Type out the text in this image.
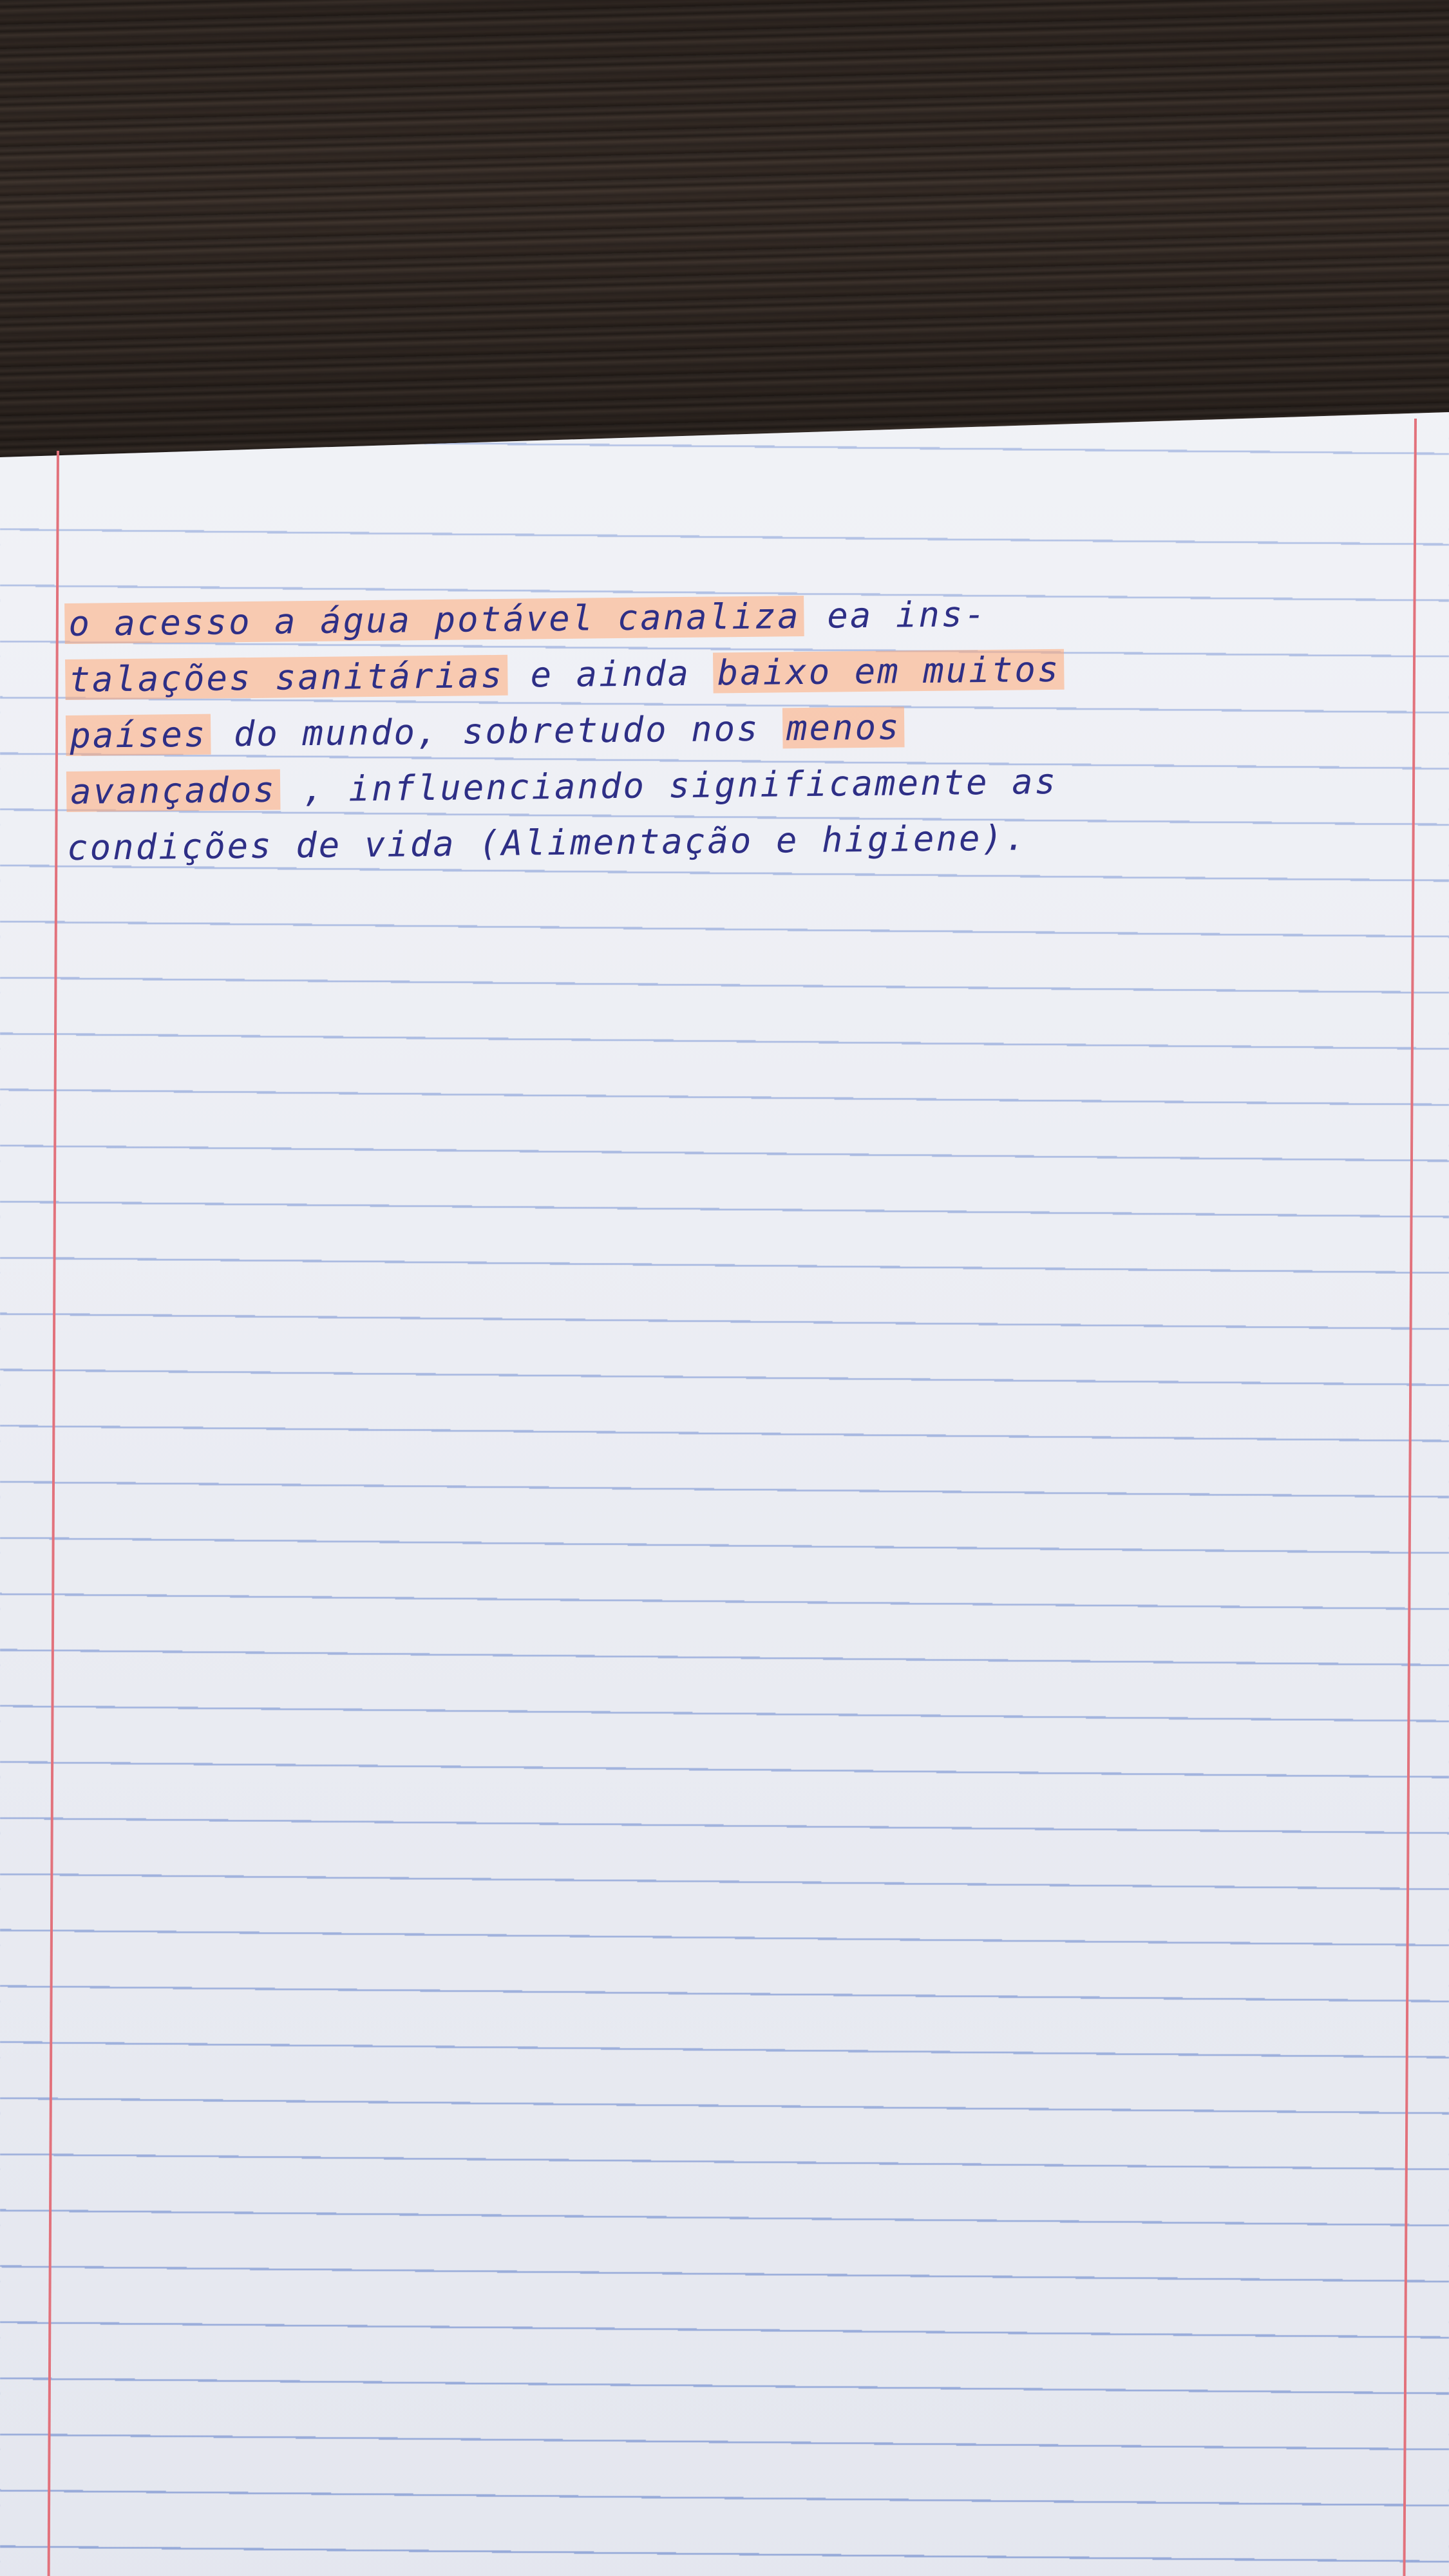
o acesso a água potável canaliza ea ins-
talações sanitárias e ainda baixo em muitos
países do mundo, sobretudo nos menos
avançados , influenciando significamente as
condições de vida (Alimentação e higiene).
